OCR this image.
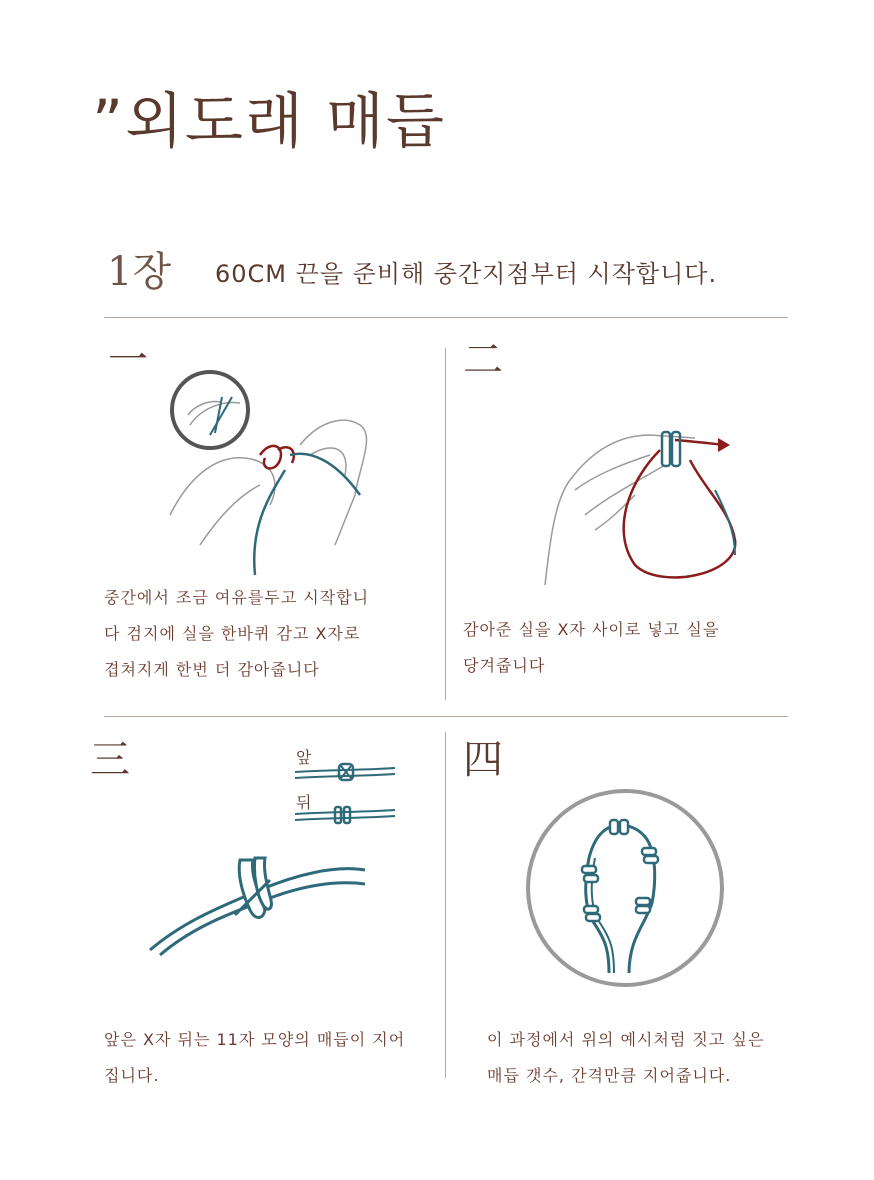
”외도래 매듭
1장 60CM 끈을 준비해 중간지점부터 시작합니다.
一
중간에서 조금 여유를두고 시작합니
다 검지에 실을 한바퀴 감고 X자로
겹쳐지게 한번 더 감아줍니다
二
감아준 실을 X자 사이로 넣고 실을
당겨줍니다
三	앞
뒤
앞은 X자 뒤는 11자 모양의 매듭이 지어
집니다.
四
이 과정에서 위의 예시처럼 짓고 싶은
매듭 갯수, 간격만큼 지어줍니다.
